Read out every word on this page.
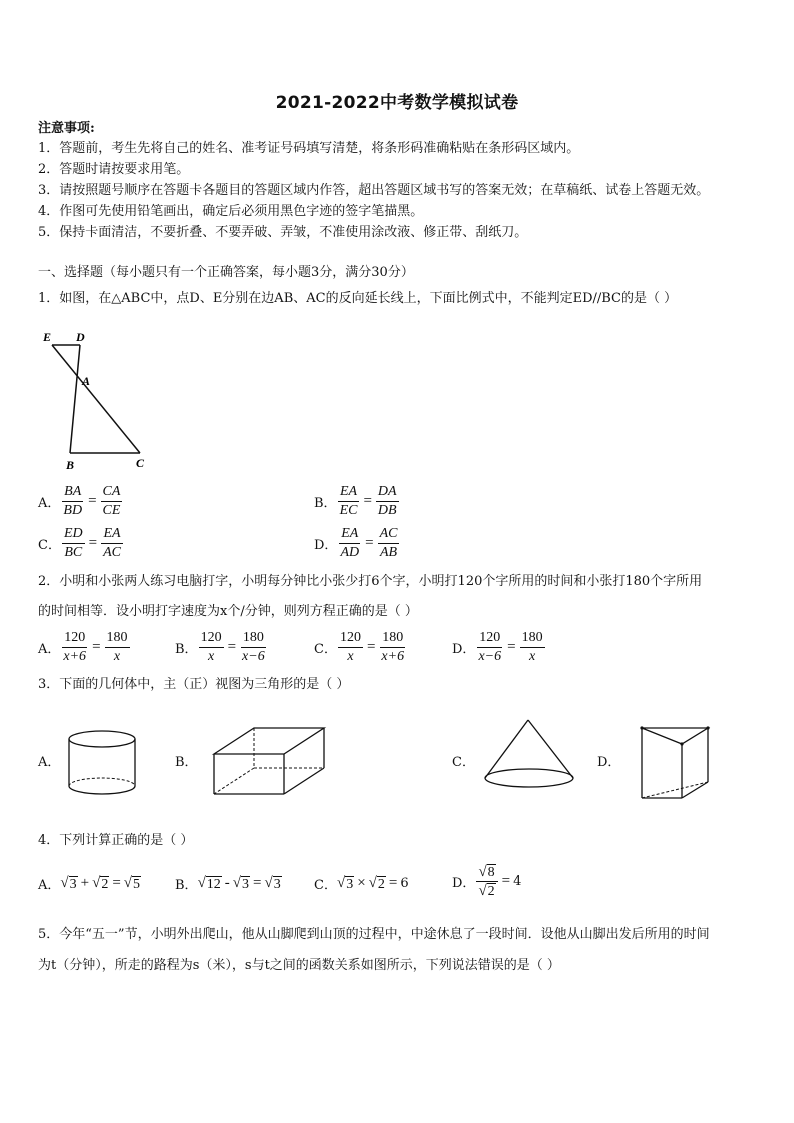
2021-2022中考数学模拟试卷
注意事项:
1．答题前，考生先将自己的姓名、准考证号码填写清楚，将条形码准确粘贴在条形码区域内。
2．答题时请按要求用笔。
3．请按照题号顺序在答题卡各题目的答题区域内作答，超出答题区域书写的答案无效；在草稿纸、试卷上答题无效。
4．作图可先使用铅笔画出，确定后必须用黑色字迹的签字笔描黑。
5．保持卡面清洁，不要折叠、不要弄破、弄皱，不准使用涂改液、修正带、刮纸刀。
一、选择题（每小题只有一个正确答案，每小题3分，满分30分）
1．如图，在△ABC中，点D、E分别在边AB、AC的反向延长线上，下面比例式中，不能判定ED//BC的是（ ）
E D
A
B	C
A． $\frac{BA}{BD} = \frac{CA}{CE}$	B． $\frac{EA}{EC} = \frac{DA}{DB}$
C． $\frac{ED}{BC} = \frac{EA}{AC}$	D． $\frac{EA}{AD} = \frac{AC}{AB}$
2．小明和小张两人练习电脑打字，小明每分钟比小张少打6个字，小明打120个字所用的时间和小张打180个字所用
的时间相等．设小明打字速度为x个/分钟，则列方程正确的是（ ）
A． $\frac{120}{x+6} = \frac{180}{x}$	B． $\frac{120}{x} = \frac{180}{x-6}$	C． $\frac{120}{x} = \frac{180}{x+6}$	D． $\frac{120}{x-6} = \frac{180}{x}$
3．下面的几何体中，主（正）视图为三角形的是（ ）
A．	B．	C．	D．
4．下列计算正确的是（ ）
A． √ 3 + √ 2 = √ 5	B． √ 12 - √ 3 = √ 3	C． √ 3 × √ 2 = 6	D． $\frac{√ 8}{√ 2} = 4$
5．今年“五一”节，小明外出爬山，他从山脚爬到山顶的过程中，中途休息了一段时间．设他从山脚出发后所用的时间
为t（分钟），所走的路程为s（米），s与t之间的函数关系如图所示，下列说法错误的是（ ）
